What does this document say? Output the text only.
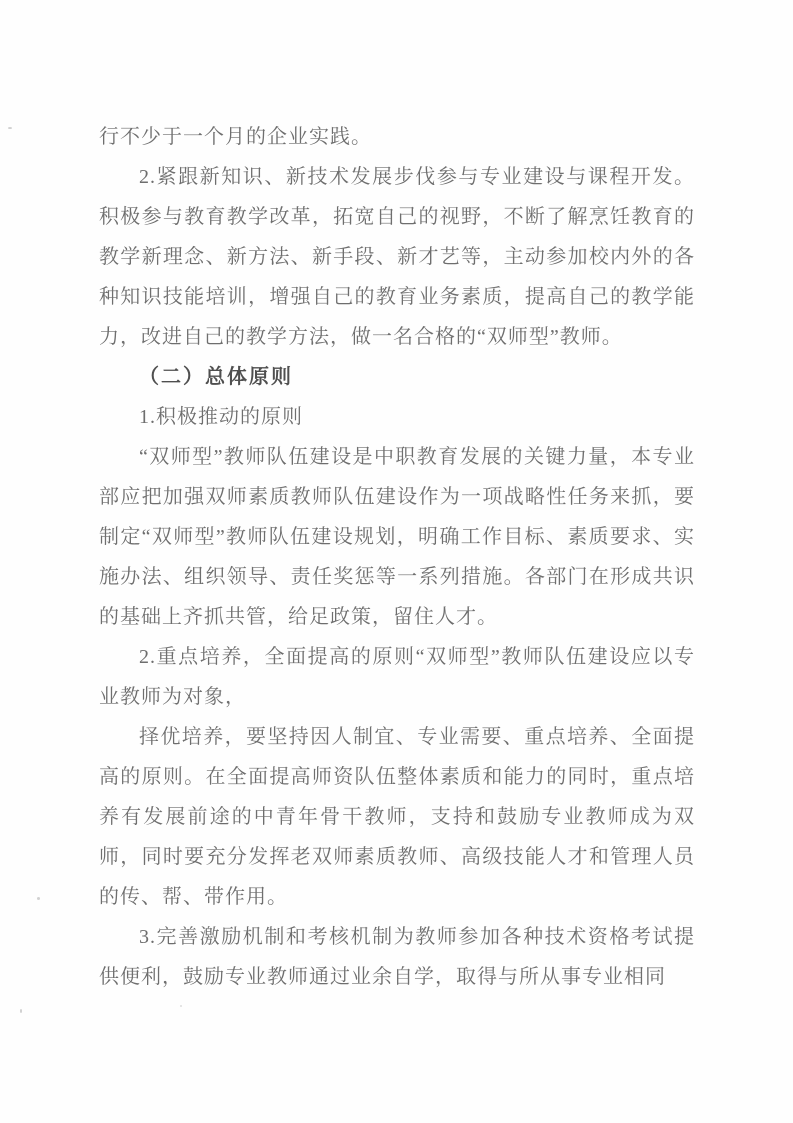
行不少于一个月的企业实践。

2.紧跟新知识、新技术发展步伐参与专业建设与课程开发。积极参与教育教学改革，拓宽自己的视野，不断了解烹饪教育的教学新理念、新方法、新手段、新才艺等，主动参加校内外的各种知识技能培训，增强自己的教育业务素质，提高自己的教学能力，改进自己的教学方法，做一名合格的“双师型”教师。

（二）总体原则

1.积极推动的原则

“双师型”教师队伍建设是中职教育发展的关键力量，本专业部应把加强双师素质教师队伍建设作为一项战略性任务来抓，要制定“双师型”教师队伍建设规划，明确工作目标、素质要求、实施办法、组织领导、责任奖惩等一系列措施。各部门在形成共识的基础上齐抓共管，给足政策，留住人才。

2.重点培养，全面提高的原则“双师型”教师队伍建设应以专业教师为对象，

择优培养，要坚持因人制宜、专业需要、重点培养、全面提高的原则。在全面提高师资队伍整体素质和能力的同时，重点培养有发展前途的中青年骨干教师，支持和鼓励专业教师成为双师，同时要充分发挥老双师素质教师、高级技能人才和管理人员的传、帮、带作用。

3.完善激励机制和考核机制为教师参加各种技术资格考试提供便利，鼓励专业教师通过业余自学，取得与所从事专业相同
